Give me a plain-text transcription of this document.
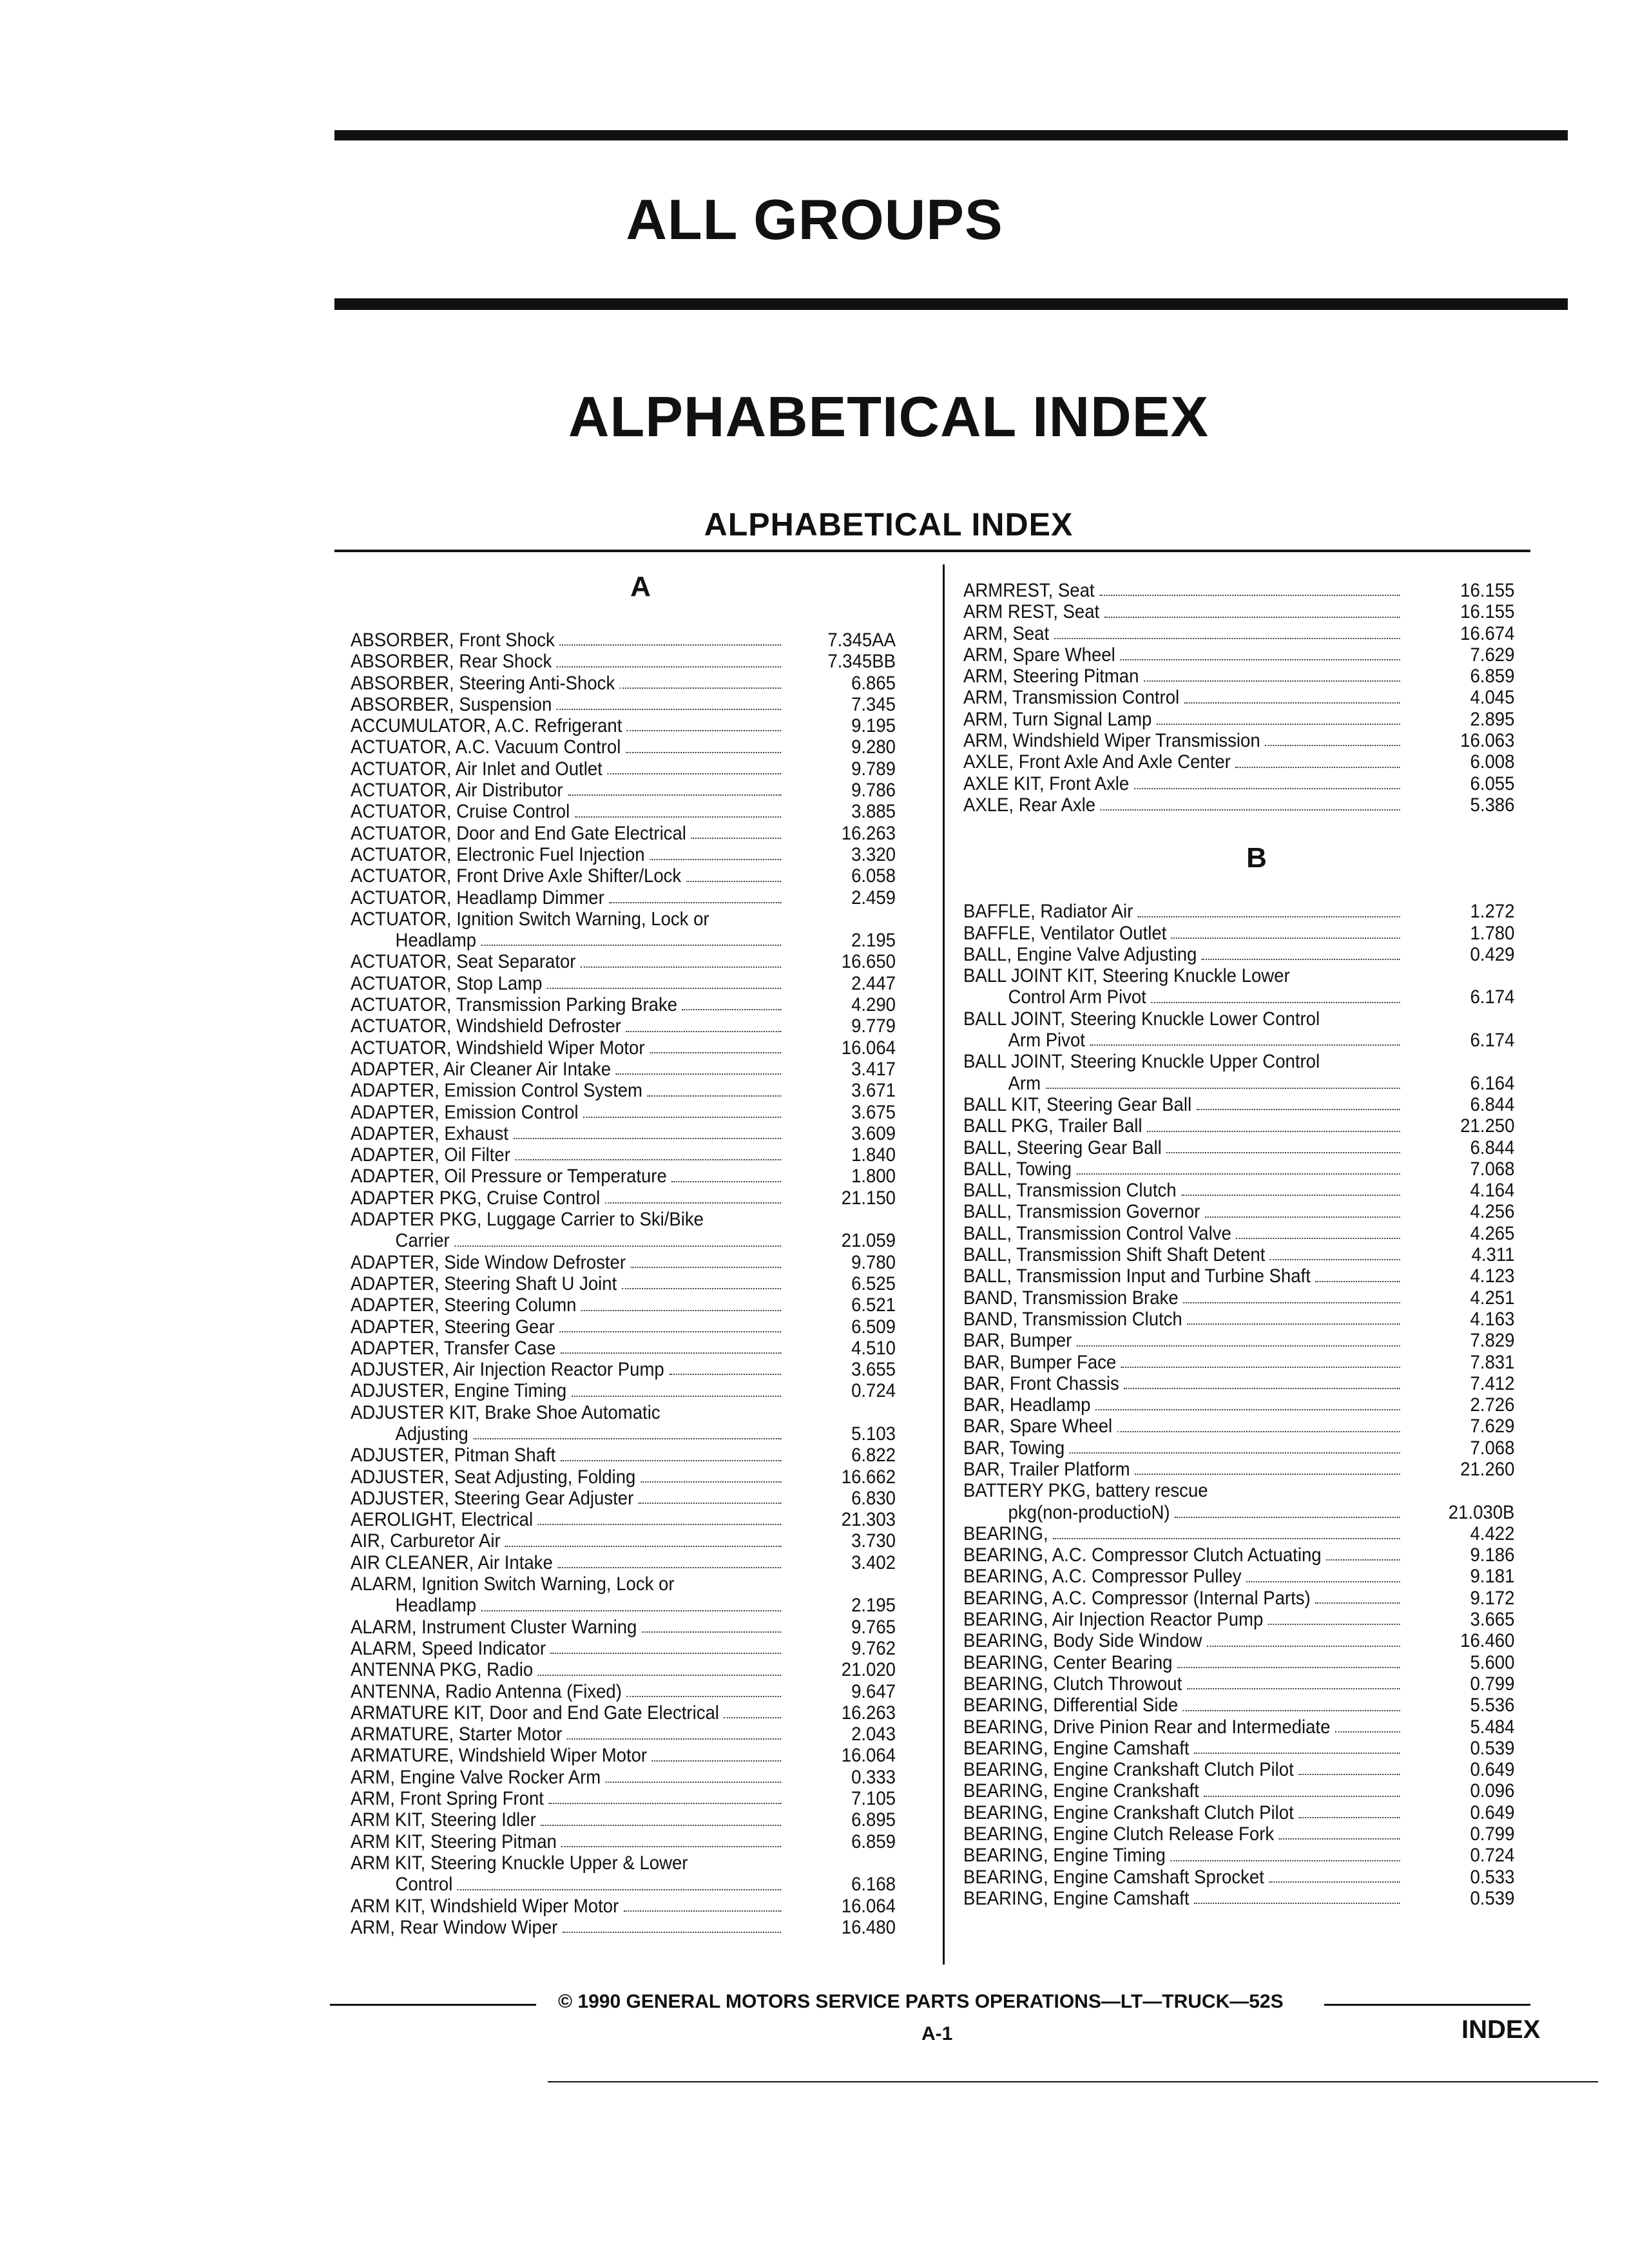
ALL GROUPS
ALPHABETICAL INDEX
ALPHABETICAL INDEX
A
ABSORBER, Front Shock	7.345AA
ABSORBER, Rear Shock	7.345BB
ABSORBER, Steering Anti-Shock	6.865
ABSORBER, Suspension	7.345
ACCUMULATOR, A.C. Refrigerant	9.195
ACTUATOR, A.C. Vacuum Control	9.280
ACTUATOR, Air Inlet and Outlet	9.789
ACTUATOR, Air Distributor	9.786
ACTUATOR, Cruise Control	3.885
ACTUATOR, Door and End Gate Electrical	16.263
ACTUATOR, Electronic Fuel Injection	3.320
ACTUATOR, Front Drive Axle Shifter/Lock	6.058
ACTUATOR, Headlamp Dimmer	2.459
ACTUATOR, Ignition Switch Warning, Lock or
Headlamp	2.195
ACTUATOR, Seat Separator	16.650
ACTUATOR, Stop Lamp	2.447
ACTUATOR, Transmission Parking Brake	4.290
ACTUATOR, Windshield Defroster	9.779
ACTUATOR, Windshield Wiper Motor	16.064
ADAPTER, Air Cleaner Air Intake	3.417
ADAPTER, Emission Control System	3.671
ADAPTER, Emission Control	3.675
ADAPTER, Exhaust	3.609
ADAPTER, Oil Filter	1.840
ADAPTER, Oil Pressure or Temperature	1.800
ADAPTER PKG, Cruise Control	21.150
ADAPTER PKG, Luggage Carrier to Ski/Bike
Carrier	21.059
ADAPTER, Side Window Defroster	9.780
ADAPTER, Steering Shaft U Joint	6.525
ADAPTER, Steering Column	6.521
ADAPTER, Steering Gear	6.509
ADAPTER, Transfer Case	4.510
ADJUSTER, Air Injection Reactor Pump	3.655
ADJUSTER, Engine Timing	0.724
ADJUSTER KIT, Brake Shoe Automatic
Adjusting	5.103
ADJUSTER, Pitman Shaft	6.822
ADJUSTER, Seat Adjusting, Folding	16.662
ADJUSTER, Steering Gear Adjuster	6.830
AEROLIGHT, Electrical	21.303
AIR, Carburetor Air	3.730
AIR CLEANER, Air Intake	3.402
ALARM, Ignition Switch Warning, Lock or
Headlamp	2.195
ALARM, Instrument Cluster Warning	9.765
ALARM, Speed Indicator	9.762
ANTENNA PKG, Radio	21.020
ANTENNA, Radio Antenna (Fixed)	9.647
ARMATURE KIT, Door and End Gate Electrical	16.263
ARMATURE, Starter Motor	2.043
ARMATURE, Windshield Wiper Motor	16.064
ARM, Engine Valve Rocker Arm	0.333
ARM, Front Spring Front	7.105
ARM KIT, Steering Idler	6.895
ARM KIT, Steering Pitman	6.859
ARM KIT, Steering Knuckle Upper & Lower
Control	6.168
ARM KIT, Windshield Wiper Motor	16.064
ARM, Rear Window Wiper	16.480
ARMREST, Seat	16.155
ARM REST, Seat	16.155
ARM, Seat	16.674
ARM, Spare Wheel	7.629
ARM, Steering Pitman	6.859
ARM, Transmission Control	4.045
ARM, Turn Signal Lamp	2.895
ARM, Windshield Wiper Transmission	16.063
AXLE, Front Axle And Axle Center	6.008
AXLE KIT, Front Axle	6.055
AXLE, Rear Axle	5.386
B
BAFFLE, Radiator Air	1.272
BAFFLE, Ventilator Outlet	1.780
BALL, Engine Valve Adjusting	0.429
BALL JOINT KIT, Steering Knuckle Lower
Control Arm Pivot	6.174
BALL JOINT, Steering Knuckle Lower Control
Arm Pivot	6.174
BALL JOINT, Steering Knuckle Upper Control
Arm	6.164
BALL KIT, Steering Gear Ball	6.844
BALL PKG, Trailer Ball	21.250
BALL, Steering Gear Ball	6.844
BALL, Towing	7.068
BALL, Transmission Clutch	4.164
BALL, Transmission Governor	4.256
BALL, Transmission Control Valve	4.265
BALL, Transmission Shift Shaft Detent	4.311
BALL, Transmission Input and Turbine Shaft	4.123
BAND, Transmission Brake	4.251
BAND, Transmission Clutch	4.163
BAR, Bumper	7.829
BAR, Bumper Face	7.831
BAR, Front Chassis	7.412
BAR, Headlamp	2.726
BAR, Spare Wheel	7.629
BAR, Towing	7.068
BAR, Trailer Platform	21.260
BATTERY PKG, battery rescue
pkg(non-productioN)	21.030B
BEARING,	4.422
BEARING, A.C. Compressor Clutch Actuating	9.186
BEARING, A.C. Compressor Pulley	9.181
BEARING, A.C. Compressor (Internal Parts)	9.172
BEARING, Air Injection Reactor Pump	3.665
BEARING, Body Side Window	16.460
BEARING, Center Bearing	5.600
BEARING, Clutch Throwout	0.799
BEARING, Differential Side	5.536
BEARING, Drive Pinion Rear and Intermediate	5.484
BEARING, Engine Camshaft	0.539
BEARING, Engine Crankshaft Clutch Pilot	0.649
BEARING, Engine Crankshaft	0.096
BEARING, Engine Crankshaft Clutch Pilot	0.649
BEARING, Engine Clutch Release Fork	0.799
BEARING, Engine Timing	0.724
BEARING, Engine Camshaft Sprocket	0.533
BEARING, Engine Camshaft	0.539
© 1990 GENERAL MOTORS SERVICE PARTS OPERATIONS—LT—TRUCK—52S
A-1	INDEX
